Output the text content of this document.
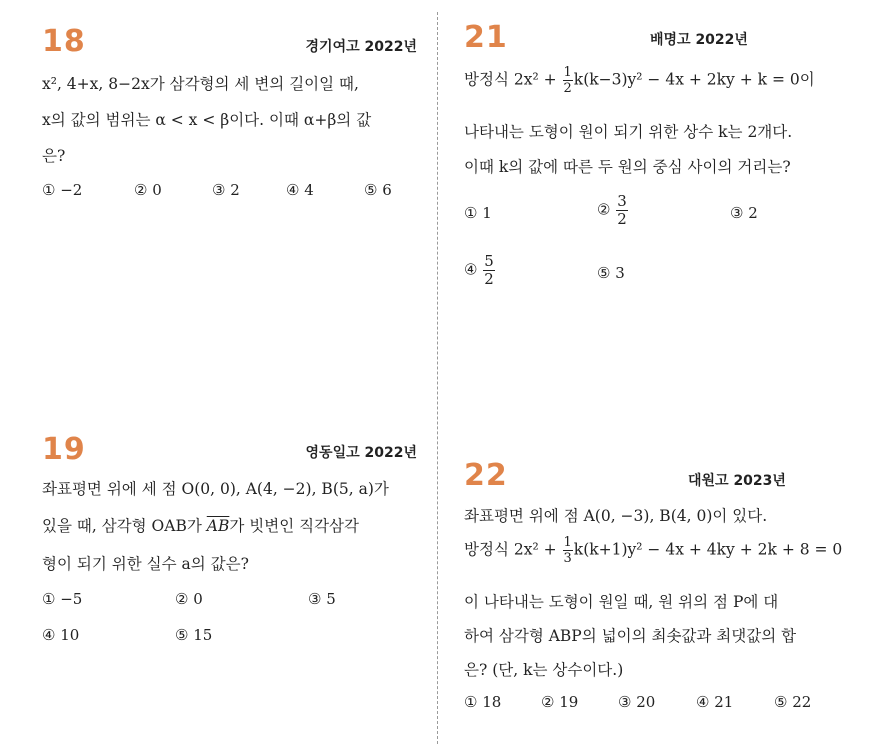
18	경기여고 2022년
x², 4+x, 8−2x가 삼각형의 세 변의 길이일 때,
x의 값의 범위는 α < x < β이다. 이때 α+β의 값
은?
① −2	② 0	③ 2	④ 4	⑤ 6
19	영동일고 2022년
좌표평면 위에 세 점 O(0, 0), A(4, −2), B(5, a)가
있을 때, 삼각형 OAB가 $\overline{AB}$가 빗변인 직각삼각
형이 되기 위한 실수 a의 값은?
① −5	② 0	③ 5
④ 10	⑤ 15
21	배명고 2022년
방정식 $2x^2 + \frac{1}{2} k(k-3)y^2 - 4x + 2ky + k = 0$이
나타내는 도형이 원이 되기 위한 상수 k는 2개다.
이때 k의 값에 따른 두 원의 중심 사이의 거리는?
① 1	② $\frac{3}{2}$	③ 2
④ $\frac{5}{2}$	⑤ 3
22	대원고 2023년
좌표평면 위에 점 A(0, −3), B(4, 0)이 있다.
방정식 $2x^2 + \frac{1}{3} k(k+1)y^2 - 4x + 4ky + 2k + 8 = 0$
이 나타내는 도형이 원일 때, 원 위의 점 P에 대
하여 삼각형 ABP의 넓이의 최솟값과 최댓값의 합
은? (단, k는 상수이다.)
① 18	② 19	③ 20	④ 21	⑤ 22
